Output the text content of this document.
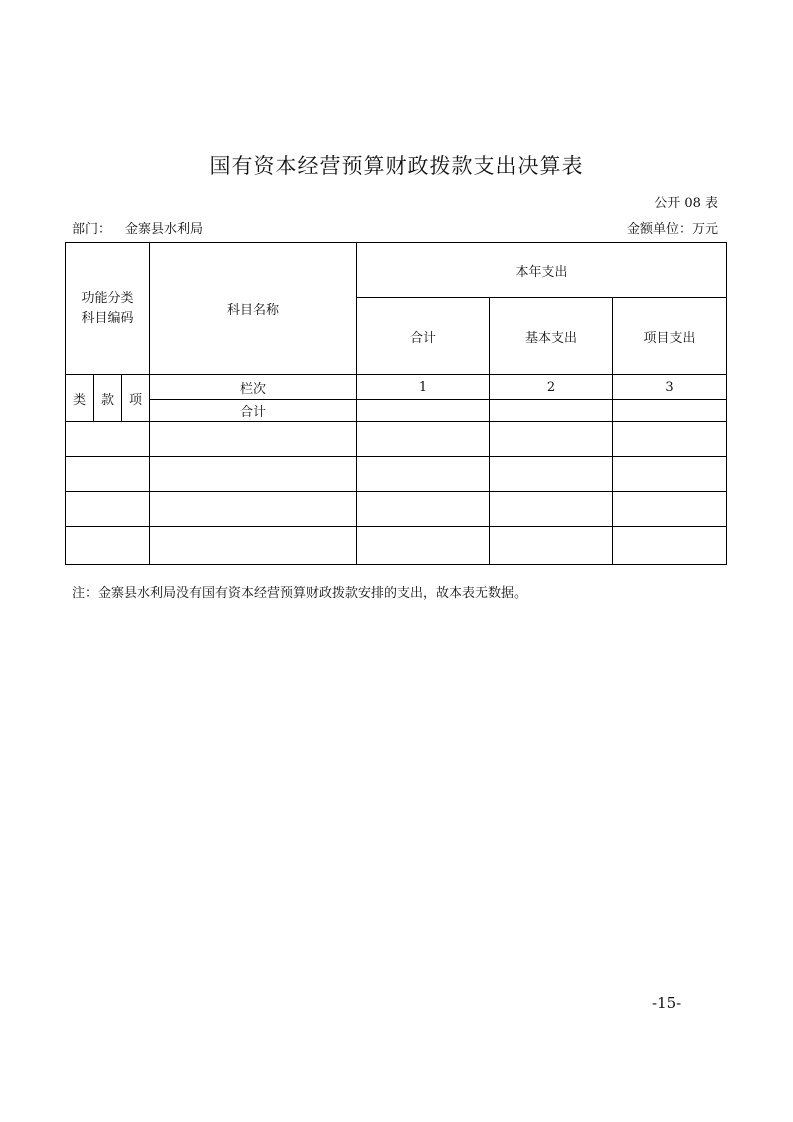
国有资本经营预算财政拨款支出决算表
公开 08 表
部门： 金寨县水利局	金额单位：万元
功能分类
科目编码			科目名称	本年支出		
				合计	基本支出	项目支出
类	款	项	栏次	1	2	3
			合计			

注：金寨县水利局没有国有资本经营预算财政拨款安排的支出，故本表无数据。
-15-
